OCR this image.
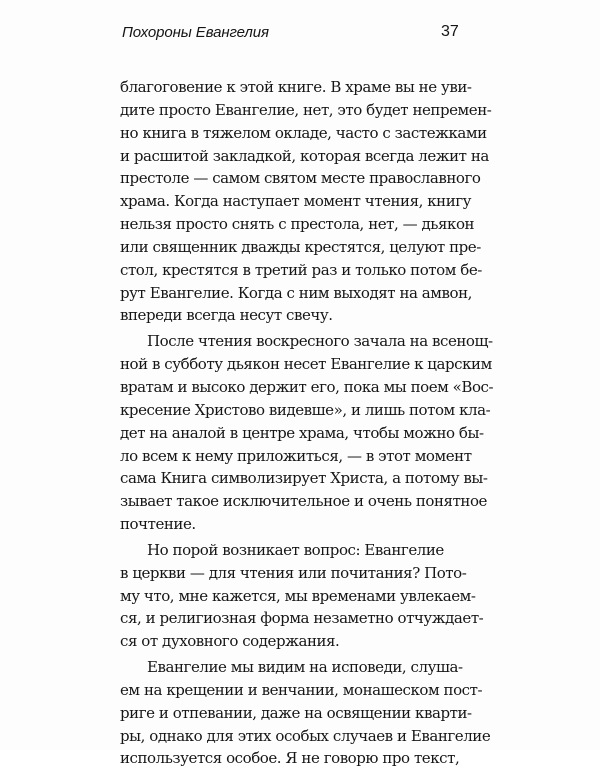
Похороны Евангелия	37
благоговение к этой книге. В храме вы не уви-
дите просто Евангелие, нет, это будет непремен-
но книга в тяжелом окладе, часто с застежками
и расшитой закладкой, которая всегда лежит на
престоле — самом святом месте православного
храма. Когда наступает момент чтения, книгу
нельзя просто снять с престола, нет, — дьякон
или священник дважды крестятся, целуют пре-
стол, крестятся в третий раз и только потом бе-
рут Евангелие. Когда с ним выходят на амвон,
впереди всегда несут свечу.
После чтения воскресного зачала на всенощ-
ной в субботу дьякон несет Евангелие к царским
вратам и высоко держит его, пока мы поем «Вос-
кресение Христово видевше», и лишь потом кла-
дет на аналой в центре храма, чтобы можно бы-
ло всем к нему приложиться, — в этот момент
сама Книга символизирует Христа, а потому вы-
зывает такое исключительное и очень понятное
почтение.
Но порой возникает вопрос: Евангелие
в церкви — для чтения или почитания? Пото-
му что, мне кажется, мы временами увлекаем-
ся, и религиозная форма незаметно отчуждает-
ся от духовного содержания.
Евангелие мы видим на исповеди, слуша-
ем на крещении и венчании, монашеском пост-
риге и отпевании, даже на освящении кварти-
ры, однако для этих особых случаев и Евангелие
используется особое. Я не говорю про текст,
